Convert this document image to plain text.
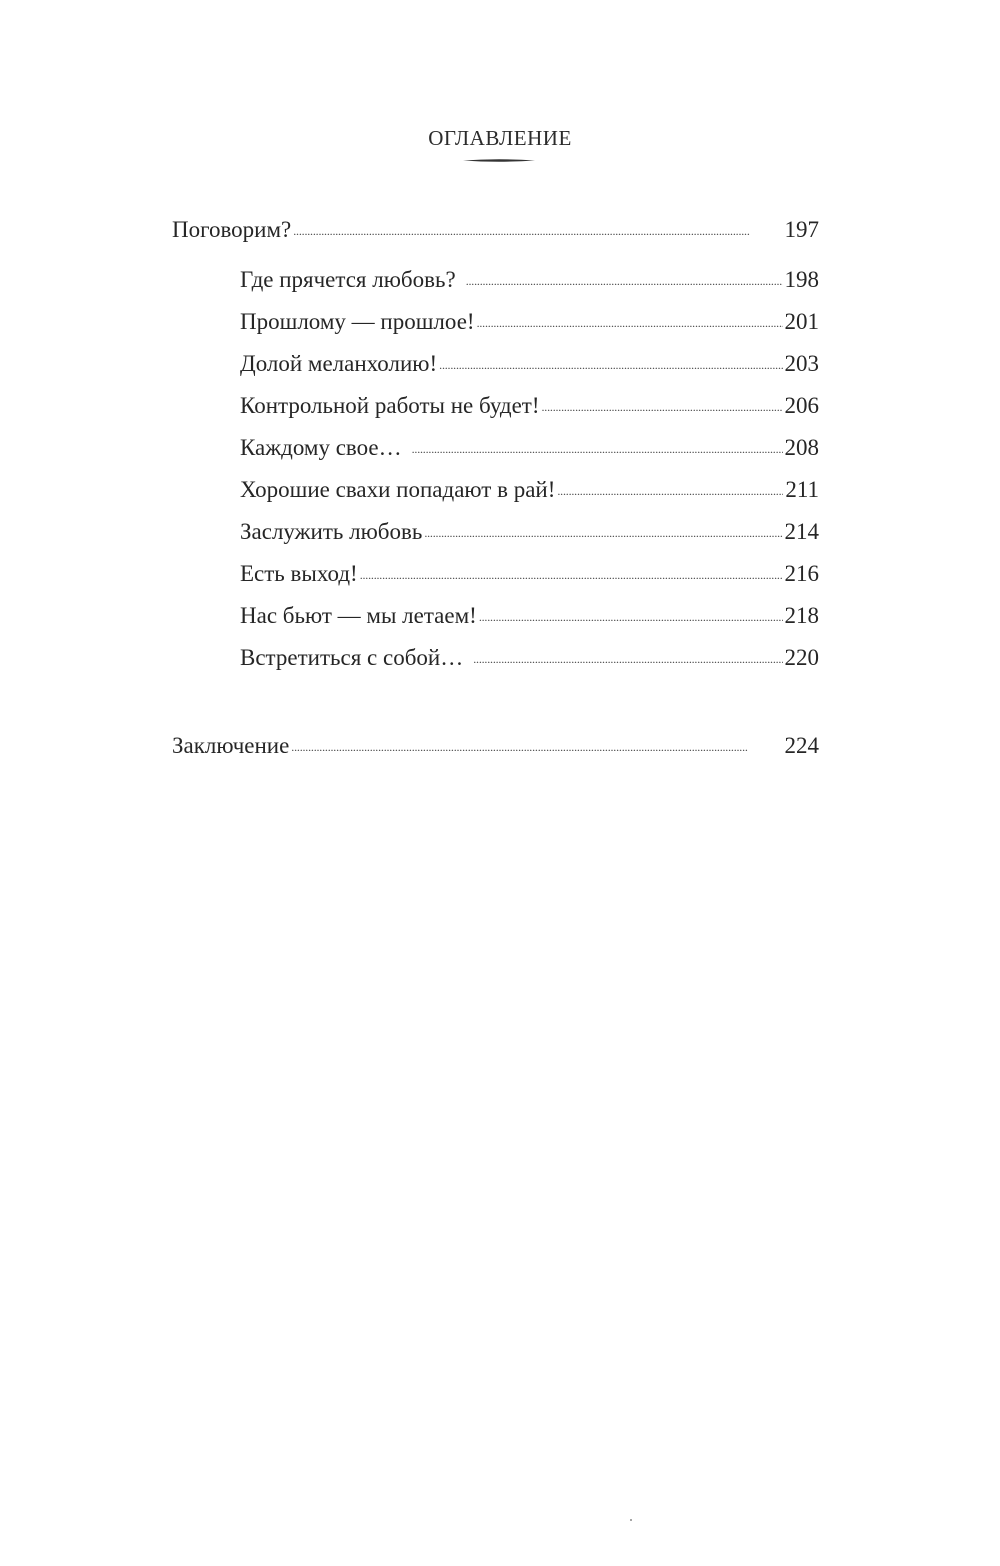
ОГЛАВЛЕНИЕ
Поговорим? . . .	197
Где прячется любовь? . . .	198
Прошлому — прошлое! . . .	201
Долой меланхолию! . . .	203
Контрольной работы не будет! . . .	206
Каждому свое… . . .	208
Хорошие свахи попадают в рай! . . .	211
Заслужить любовь . . .	214
Есть выход! . . .	216
Нас бьют — мы летаем! . . .	218
Встретиться с собой… . . .	220
Заключение . . .	224
